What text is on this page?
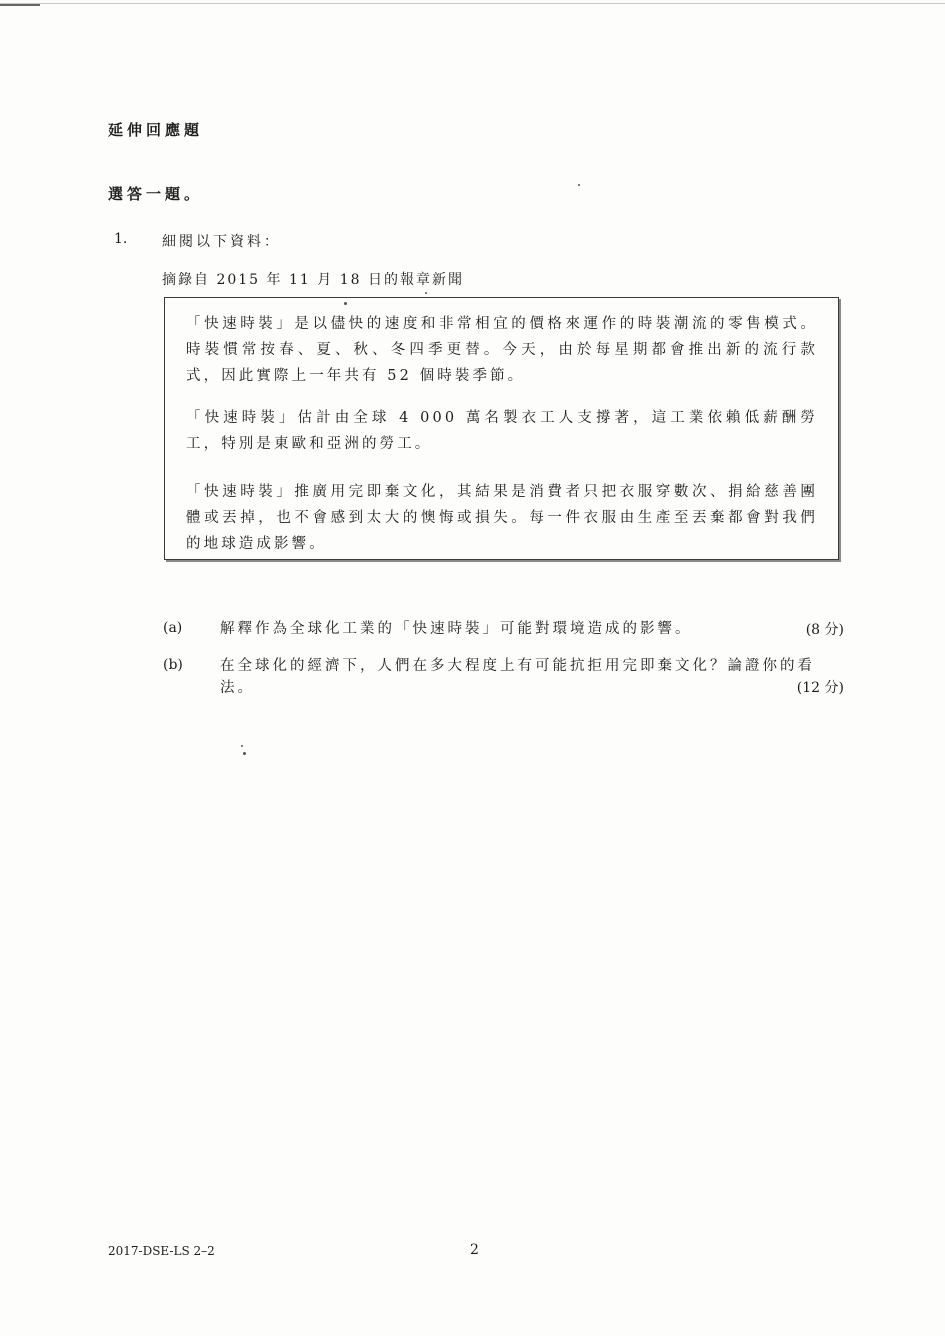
延伸回應題
選答一題。
1. 細閱以下資料：
摘錄自 2015 年 11 月 18 日的報章新聞

「快速時裝」是以儘快的速度和非常相宜的價格來運作的時裝潮流的零售模式。時裝慣常按春、夏、秋、冬四季更替。今天，由於每星期都會推出新的流行款式，因此實際上一年共有 52 個時裝季節。

「快速時裝」估計由全球 4 000 萬名製衣工人支撐著，這工業依賴低薪酬勞工，特別是東歐和亞洲的勞工。

「快速時裝」推廣用完即棄文化，其結果是消費者只把衣服穿數次、捐給慈善團體或丟掉，也不會感到太大的懊悔或損失。每一件衣服由生產至丟棄都會對我們的地球造成影響。

(a)	解釋作為全球化工業的「快速時裝」可能對環境造成的影響。	(8 分)
(b)	在全球化的經濟下，人們在多大程度上有可能抗拒用完即棄文化？論證你的看法。	(12 分)
2017-DSE-LS 2–2	2
